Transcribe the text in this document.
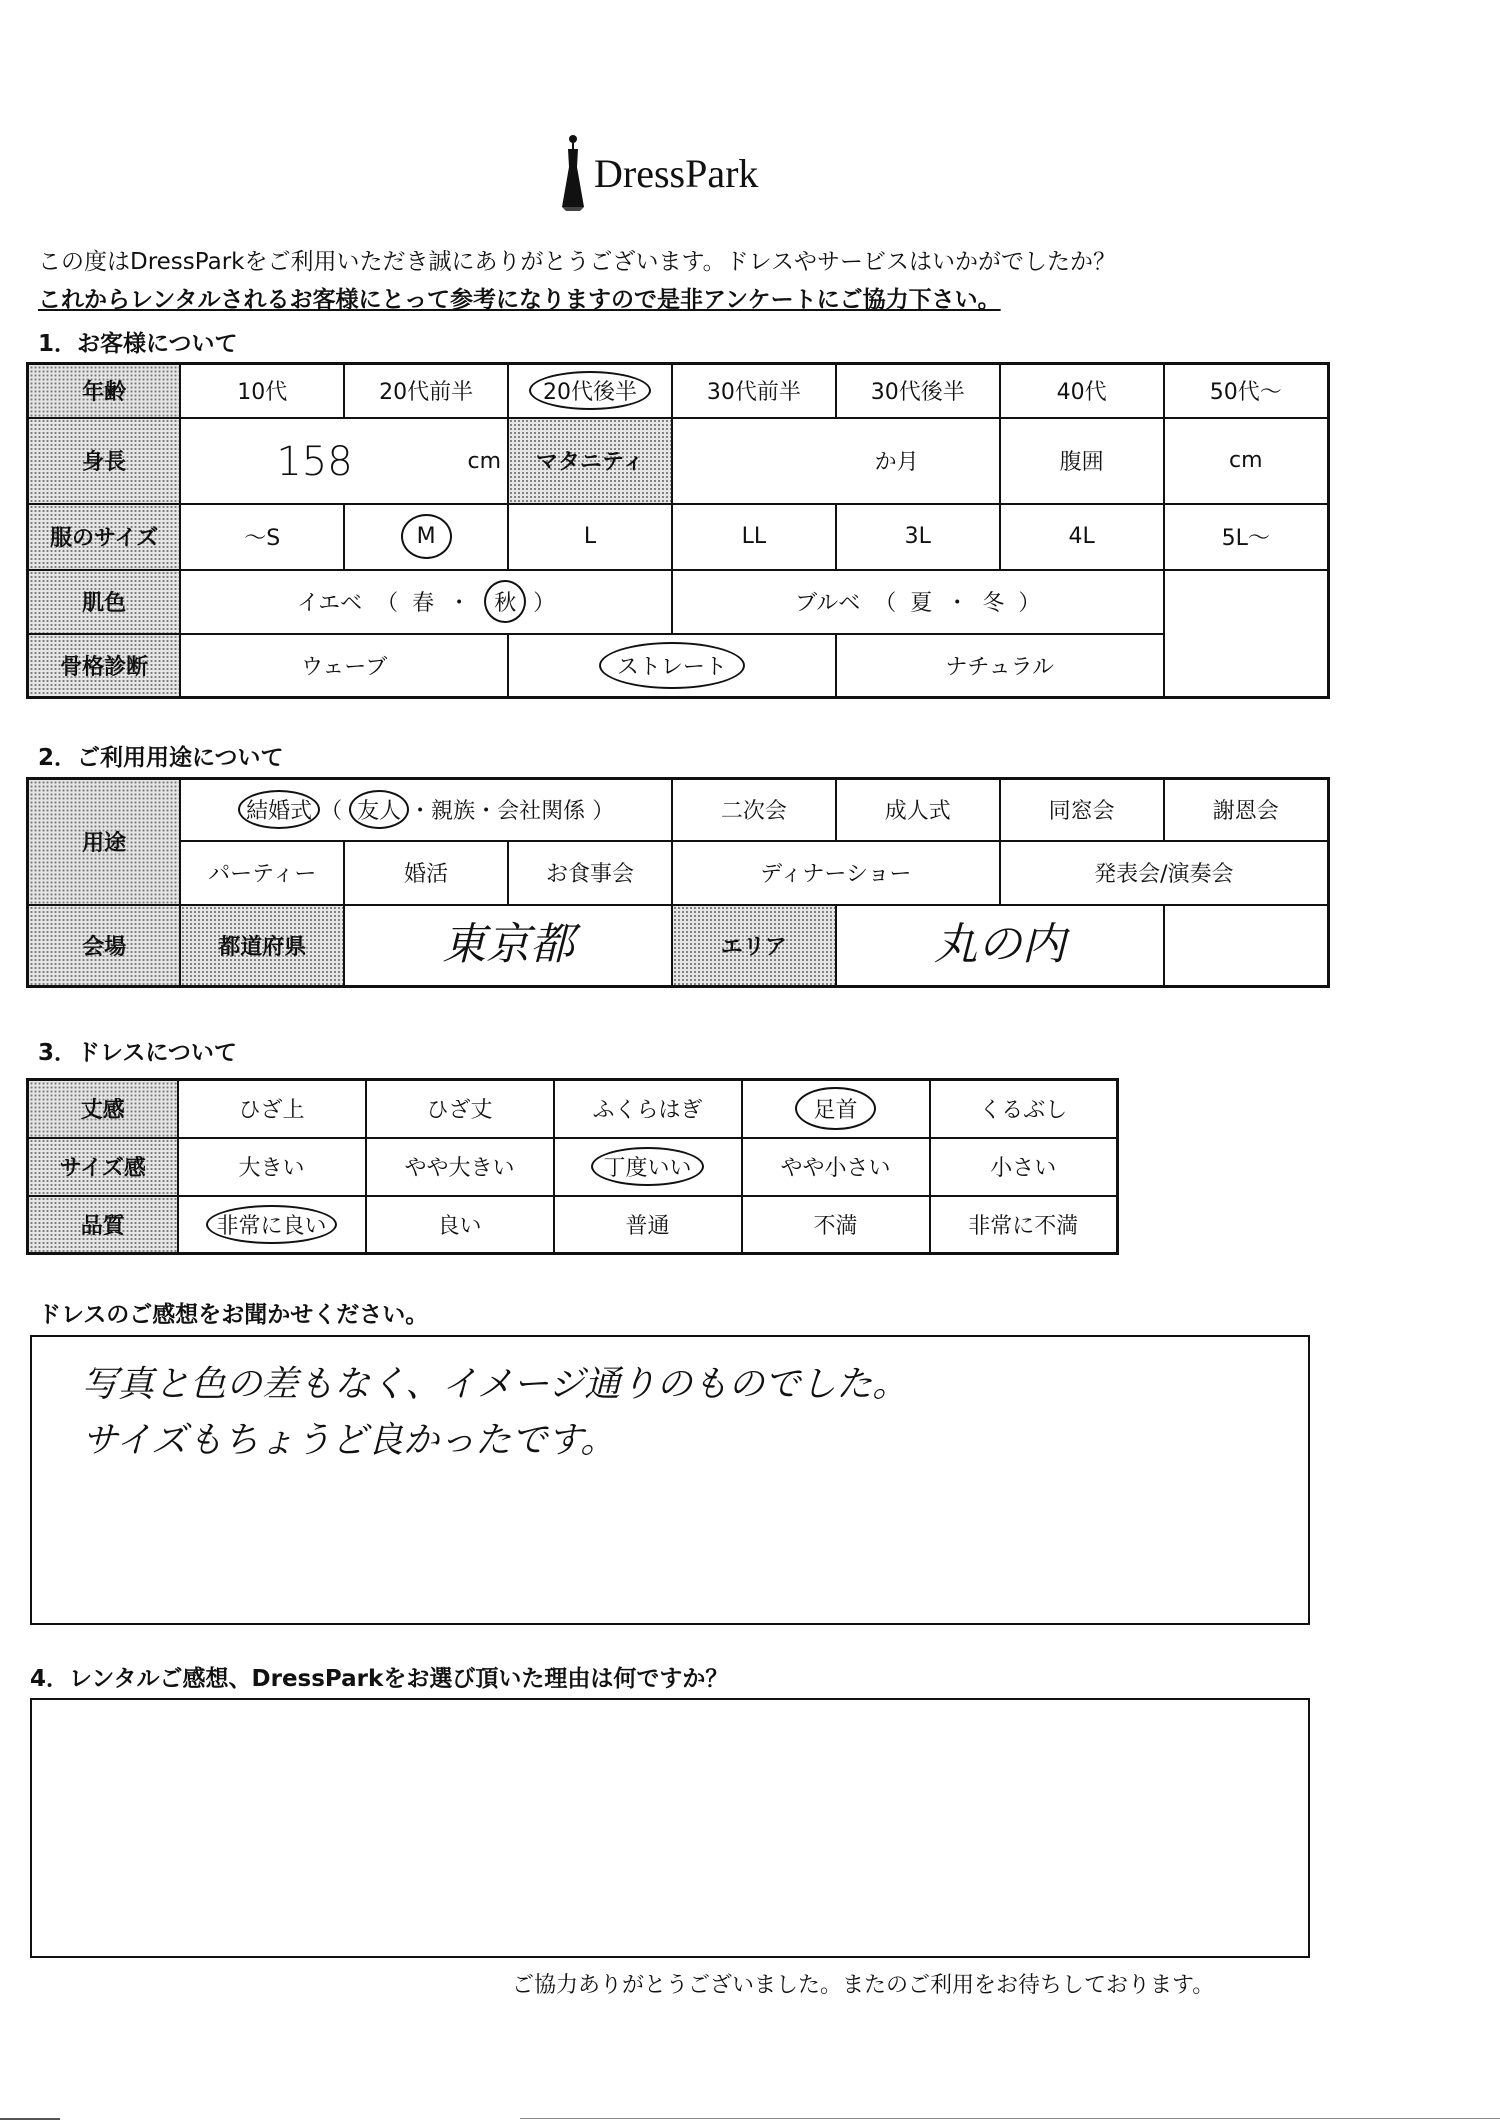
DressPark
この度はDressParkをご利用いただき誠にありがとうございます。ドレスやサービスはいかがでしたか？
これからレンタルされるお客様にとって参考になりますので是非アンケートにご協力下さい。
1．お客様について
年齢	10代	20代前半	20代後半	30代前半	30代後半	40代	50代〜
身長	158 cm		マタニティ	か月		腹囲	cm
服のサイズ	〜S	M	L	LL	3L	4L	5L〜
肌色	イエベ （ 春 ・ 秋 ）			ブルベ （ 夏 ・ 冬 ）			
骨格診断	ウェーブ		ストレート		ナチュラル		
2．ご利用用途について
用途	結婚式 （ 友人 ・親族・会社関係 ）			二次会	成人式	同窓会	謝恩会
	パーティー	婚活	お食事会	ディナーショー		発表会/演奏会	
会場	都道府県	東京都		エリア	丸の内		
3．ドレスについて
丈感	ひざ上	ひざ丈	ふくらはぎ	足首	くるぶし
サイズ感	大きい	やや大きい	丁度いい	やや小さい	小さい
品質	非常に良い	良い	普通	不満	非常に不満
ドレスのご感想をお聞かせください。
写真と色の差もなく、イメージ通りのものでした。
サイズもちょうど良かったです。
4．レンタルご感想、DressParkをお選び頂いた理由は何ですか？
ご協力ありがとうございました。またのご利用をお待ちしております。
